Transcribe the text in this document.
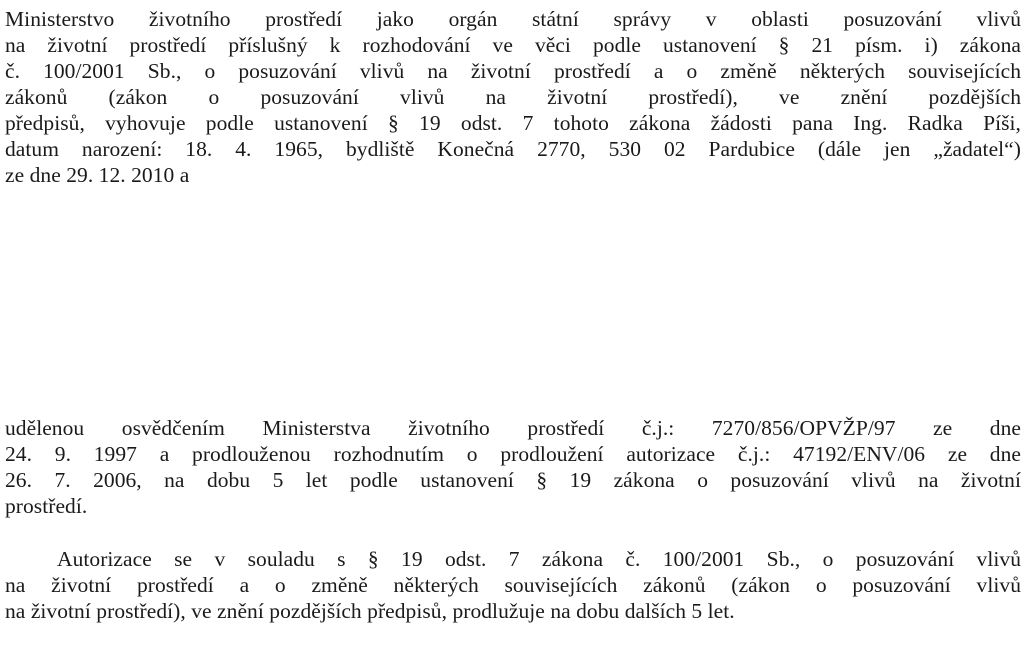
Ministerstvo životního prostředí jako orgán státní správy v oblasti posuzování vlivů
na životní prostředí příslušný k rozhodování ve věci podle ustanovení § 21 písm. i) zákona
č. 100/2001 Sb., o posuzování vlivů na životní prostředí a o změně některých souvisejících
zákonů (zákon o posuzování vlivů na životní prostředí), ve znění pozdějších
předpisů, vyhovuje podle ustanovení § 19 odst. 7 tohoto zákona žádosti pana Ing. Radka Píši,
datum narození: 18. 4. 1965, bydliště Konečná 2770, 530 02 Pardubice (dále jen „žadatel“)
ze dne 29. 12. 2010 a

udělenou osvědčením Ministerstva životního prostředí č.j.: 7270/856/OPVŽP/97 ze dne
24. 9. 1997 a prodlouženou rozhodnutím o prodloužení autorizace č.j.: 47192/ENV/06 ze dne
26. 7. 2006, na dobu 5 let podle ustanovení § 19 zákona o posuzování vlivů na životní
prostředí.

Autorizace se v souladu s § 19 odst. 7 zákona č. 100/2001 Sb., o posuzování vlivů
na životní prostředí a o změně některých souvisejících zákonů (zákon o posuzování vlivů
na životní prostředí), ve znění pozdějších předpisů, prodlužuje na dobu dalších 5 let.
